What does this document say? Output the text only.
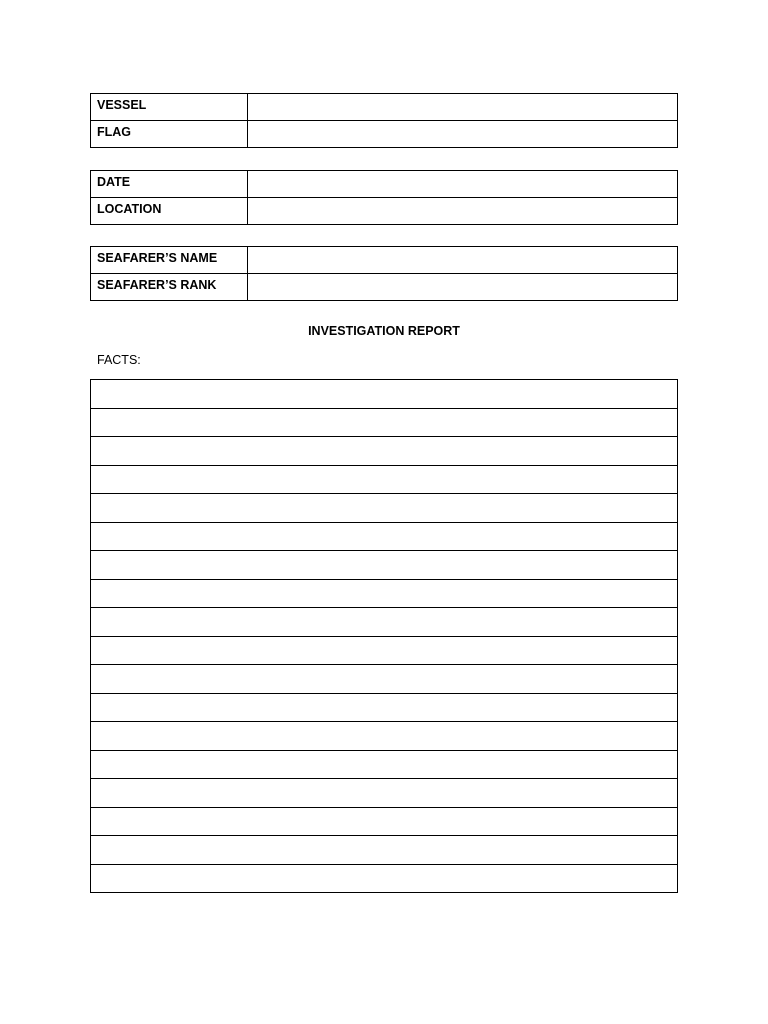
VESSEL	
FLAG	
DATE	
LOCATION	
SEAFARER’S NAME	
SEAFARER’S RANK	
INVESTIGATION REPORT
FACTS:
